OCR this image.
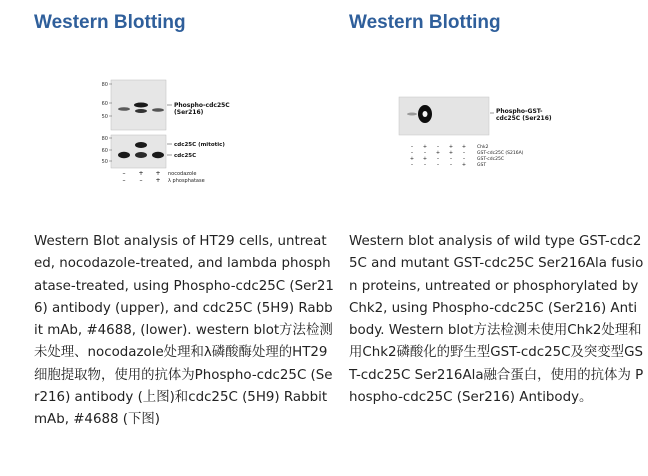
Western Blotting
80
60
50
80
60
50
Phospho-cdc25C
(Ser216)
cdc25C (mitotic)
cdc25C
– + + nocodazole
– – + λ phosphatase

Western Blot analysis of HT29 cells, untreated, nocodazole-treated, and lambda phosphatase-treated, using Phospho-cdc25C (Ser216) antibody (upper), and cdc25C (5H9) Rabbit mAb, #4688, (lower). western blot方法检测未处理、nocodazole处理和λ磷酸酶处理的HT29细胞提取物，使用的抗体为Phospho-cdc25C (Ser216) antibody (上图)和cdc25C (5H9) Rabbit mAb, #4688 (下图)

Western Blotting
Phospho-GST-
cdc25C (Ser216)
– + – + +
– – + + –
+ + – – –
– – – – +
Chk2
GST-cdc25C (S216A)
GST-cdc25C
GST

Western blot analysis of wild type GST-cdc25C and mutant GST-cdc25C Ser216Ala fusion proteins, untreated or phosphorylated by Chk2, using Phospho-cdc25C (Ser216) Antibody. Western blot方法检测未使用Chk2处理和用Chk2磷酸化的野生型GST-cdc25C及突变型GST-cdc25C Ser216Ala融合蛋白，使用的抗体为 Phospho-cdc25C (Ser216) Antibody。
